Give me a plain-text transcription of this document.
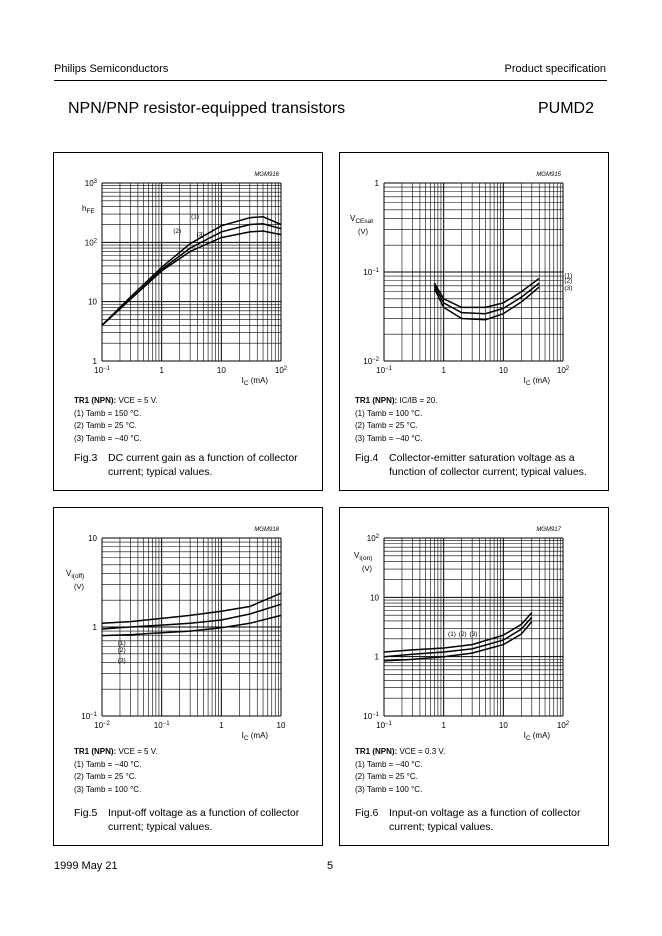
Philips Semiconductors	Product specification
NPN/PNP resistor-equipped transistors	PUMD2
$10^{-1}$	1	10	$10^2$
1
10
$10^2$
$10^3$
$I_C$ (mA)
$h_{FE}$
MGM916
(1)
(2)
(3)
TR1 (NPN): VCE = 5 V.
(1) Tamb = 150 °C.
(2) Tamb = 25 °C.
(3) Tamb = −40 °C.
Fig.3 DC current gain as a function of collector current; typical values.
$10^{-1}$	1	10	$10^2$
$10^{-2}$
$10^{-1}$
1
$I_C$ (mA)
$V_{CEsat}$
(V)
MGM915
(1)
(2)
(3)
TR1 (NPN): IC/IB = 20.
(1) Tamb = 100 °C.
(2) Tamb = 25 °C.
(3) Tamb = −40 °C.
Fig.4 Collector-emitter saturation voltage as a function of collector current; typical values.
$10^{-2}$	$10^{-1}$	1	10
$10^{-1}$
1
10
$I_C$ (mA)
$V_{i(off)}$
(V)
MGM918
(1)
(2)
(3)
TR1 (NPN): VCE = 5 V.
(1) Tamb = −40 °C.
(2) Tamb = 25 °C.
(3) Tamb = 100 °C.
Fig.5 Input-off voltage as a function of collector current; typical values.
$10^{-1}$	1	10	$10^2$
$10^{-1}$
1
10
$10^2$
$I_C$ (mA)
$V_{i(on)}$
(V)
MGM917
(1) (2) (3)
TR1 (NPN): VCE = 0.3 V.
(1) Tamb = −40 °C.
(2) Tamb = 25 °C.
(3) Tamb = 100 °C.
Fig.6 Input-on voltage as a function of collector current; typical values.
1999 May 21	5
